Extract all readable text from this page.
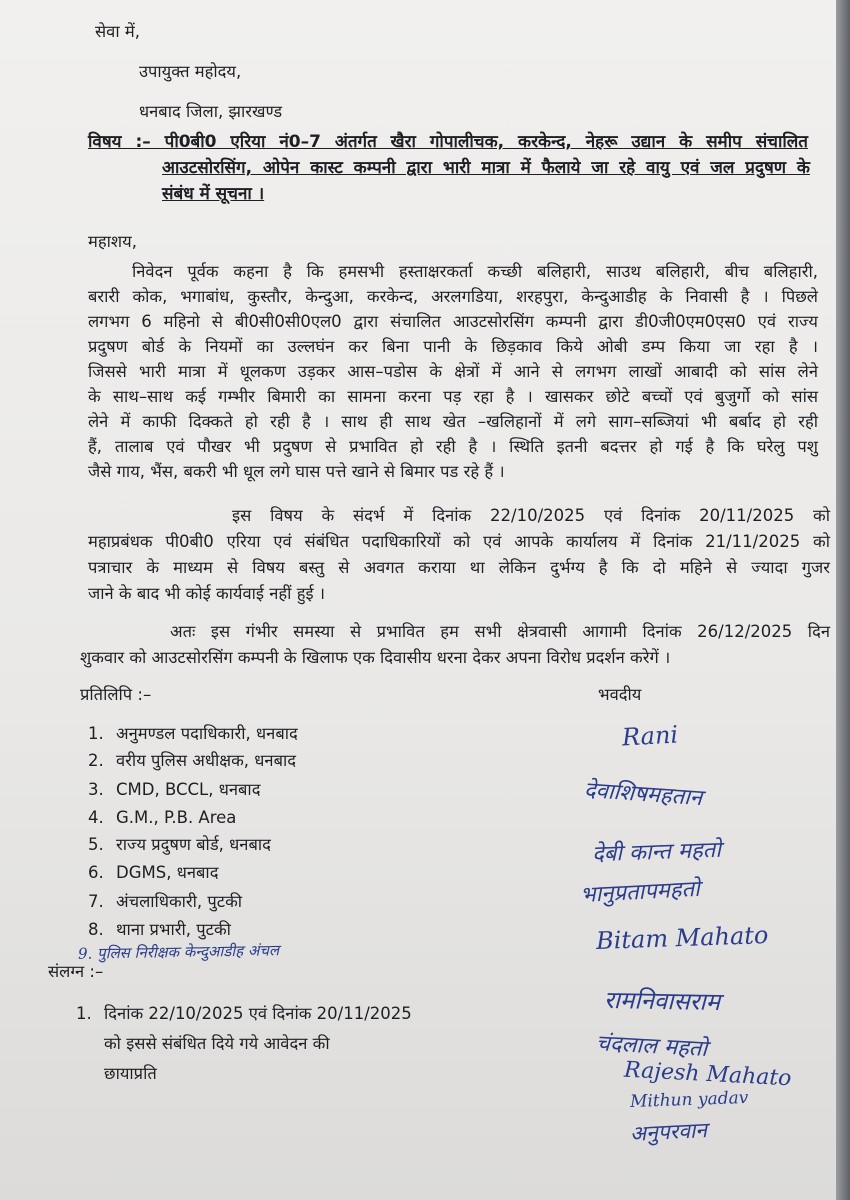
सेवा में,
उपायुक्त महोदय,
धनबाद जिला, झारखण्ड
विषय :– पी0बी0 एरिया नं0–7 अंतर्गत खैरा गोपालीचक, करकेन्द, नेहरू उद्यान के समीप संचालित
आउटसोरसिंग, ओपेन कास्ट कम्पनी द्वारा भारी मात्रा में फैलाये जा रहे वायु एवं जल प्रदुषण के
संबंध में सूचना ।
महाशय,
निवेदन पूर्वक कहना है कि हमसभी हस्ताक्षरकर्ता कच्छी बलिहारी, साउथ बलिहारी, बीच बलिहारी,
बरारी कोक, भगाबांध, कुस्तौर, केन्दुआ, करकेन्द, अरलगडिया, शरहपुरा, केन्दुआडीह के निवासी है । पिछले
लगभग 6 महिनो से बी0सी0सी0एल0 द्वारा संचालित आउटसोरसिंग कम्पनी द्वारा डी0जी0एम0एस0 एवं राज्य
प्रदुषण बोर्ड के नियमों का उल्लघंन कर बिना पानी के छिड़काव किये ओबी डम्प किया जा रहा है ।
जिससे भारी मात्रा में धूलकण उड़कर आस–पडोस के क्षेत्रों में आने से लगभग लाखों आबादी को सांस लेने
के साथ–साथ कई गम्भीर बिमारी का सामना करना पड़ रहा है । खासकर छोटे बच्चों एवं बुजुर्गो को सांस
लेने में काफी दिक्कते हो रही है । साथ ही साथ खेत –खलिहानों में लगे साग–सब्जियां भी बर्बाद हो रही
हैं, तालाब एवं पौखर भी प्रदुषण से प्रभावित हो रही है । स्थिति इतनी बदत्तर हो गई है कि घरेलु पशु
जैसे गाय, भैंस, बकरी भी धूल लगे घास पत्ते खाने से बिमार पड रहे हैं ।
इस विषय के संदर्भ में दिनांक 22/10/2025 एवं दिनांक 20/11/2025 को
महाप्रबंधक पी0बी0 एरिया एवं संबंधित पदाधिकारियों को एवं आपके कार्यालय में दिनांक 21/11/2025 को
पत्राचार के माध्यम से विषय बस्तु से अवगत कराया था लेकिन दुर्भग्य है कि दो महिने से ज्यादा गुजर
जाने के बाद भी कोई कार्यवाई नहीं हुई ।
अतः इस गंभीर समस्या से प्रभावित हम सभी क्षेत्रवासी आगामी दिनांक 26/12/2025 दिन
शुकवार को आउटसोरसिंग कम्पनी के खिलाफ एक दिवासीय धरना देकर अपना विरोध प्रदर्शन करेगें ।
प्रतिलिपि :–	भवदीय
1. अनुमण्डल पदाधिकारी, धनबाद
2. वरीय पुलिस अधीक्षक, धनबाद
3. CMD, BCCL, धनबाद
4. G.M., P.B. Area
5. राज्य प्रदुषण बोर्ड, धनबाद
6. DGMS, धनबाद
7. अंचलाधिकारी, पुटकी
8. थाना प्रभारी, पुटकी
9. पुलिस निरीक्षक केन्दुआडीह अंचल
संलग्न :–
1. दिनांक 22/10/2025 एवं दिनांक 20/11/2025
को इससे संबंधित दिये गये आवेदन की
छायाप्रति
Rani
देवाशिषमहतान
देबी कान्त महतो
भानुप्रतापमहतो
Bitam Mahato
रामनिवासराम
चंदलाल महतो
Rajesh Mahato
Mithun yadav
अनुपरवान
